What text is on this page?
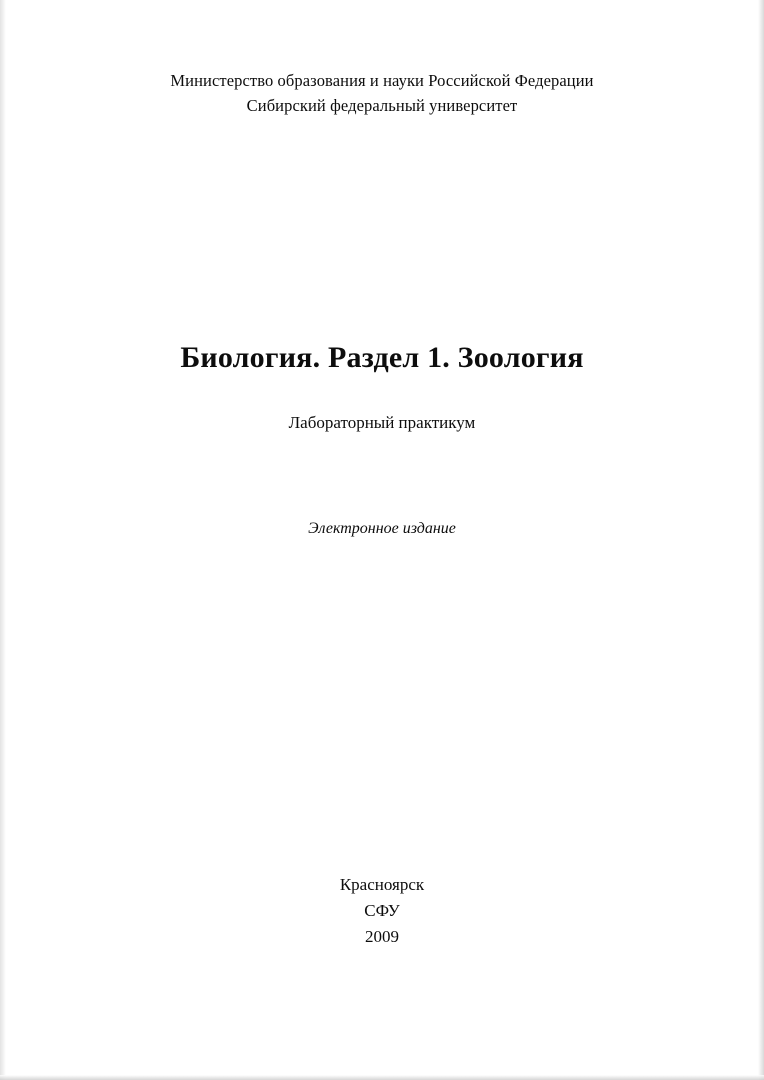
Министерство образования и науки Российской Федерации
Сибирский федеральный университет
Биология. Раздел 1. Зоология
Лабораторный практикум
Электронное издание
Красноярск
СФУ
2009
